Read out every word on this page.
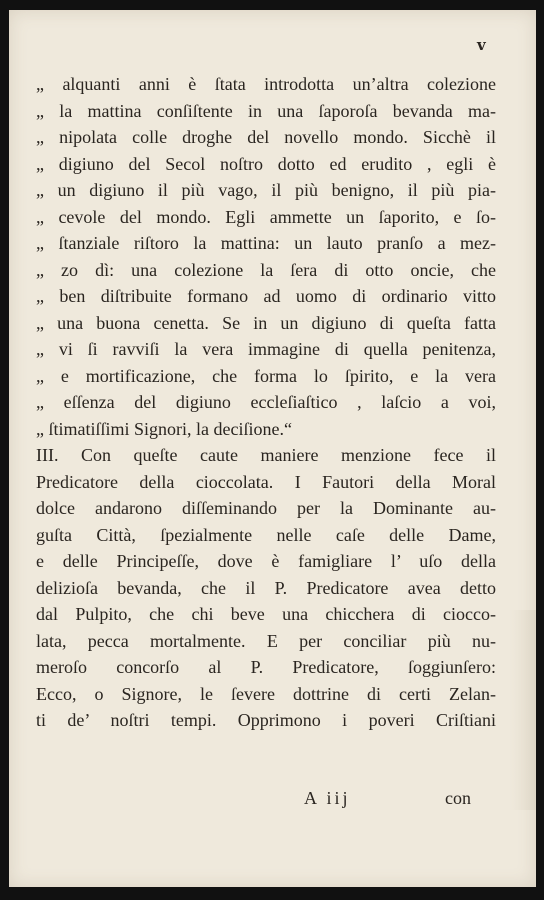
v
„ alquanti anni è ſtata introdotta un’altra colezione
„ la mattina conſiſtente in una ſaporoſa bevanda ma-
„ nipolata colle droghe del novello mondo. Sicchè il
„ digiuno del Secol noſtro dotto ed erudito , egli è
„ un digiuno il più vago, il più benigno, il più pia-
„ cevole del mondo. Egli ammette un ſaporito, e ſo-
„ ſtanziale riſtoro la mattina: un lauto pranſo a mez-
„ zo dì: una colezione la ſera di otto oncie, che
„ ben diſtribuite formano ad uomo di ordinario vitto
„ una buona cenetta. Se in un digiuno di queſta fatta
„ vi ſi ravviſi la vera immagine di quella penitenza,
„ e mortificazione, che forma lo ſpirito, e la vera
„ eſſenza del digiuno eccleſiaſtico , laſcio a voi,
„ ſtimatiſſimi Signori, la deciſione.“
III. Con queſte caute maniere menzione fece il
Predicatore della cioccolata. I Fautori della Moral
dolce andarono diſſeminando per la Dominante au-
guſta Città, ſpezialmente nelle caſe delle Dame,
e delle Principeſſe, dove è famigliare l’ uſo della
delizioſa bevanda, che il P. Predicatore avea detto
dal Pulpito, che chi beve una chicchera di ciocco-
lata, pecca mortalmente. E per conciliar più nu-
meroſo concorſo al P. Predicatore, ſoggiunſero:
Ecco, o Signore, le ſevere dottrine di certi Zelan-
ti de’ noſtri tempi. Opprimono i poveri Criſtiani
A iij	con
